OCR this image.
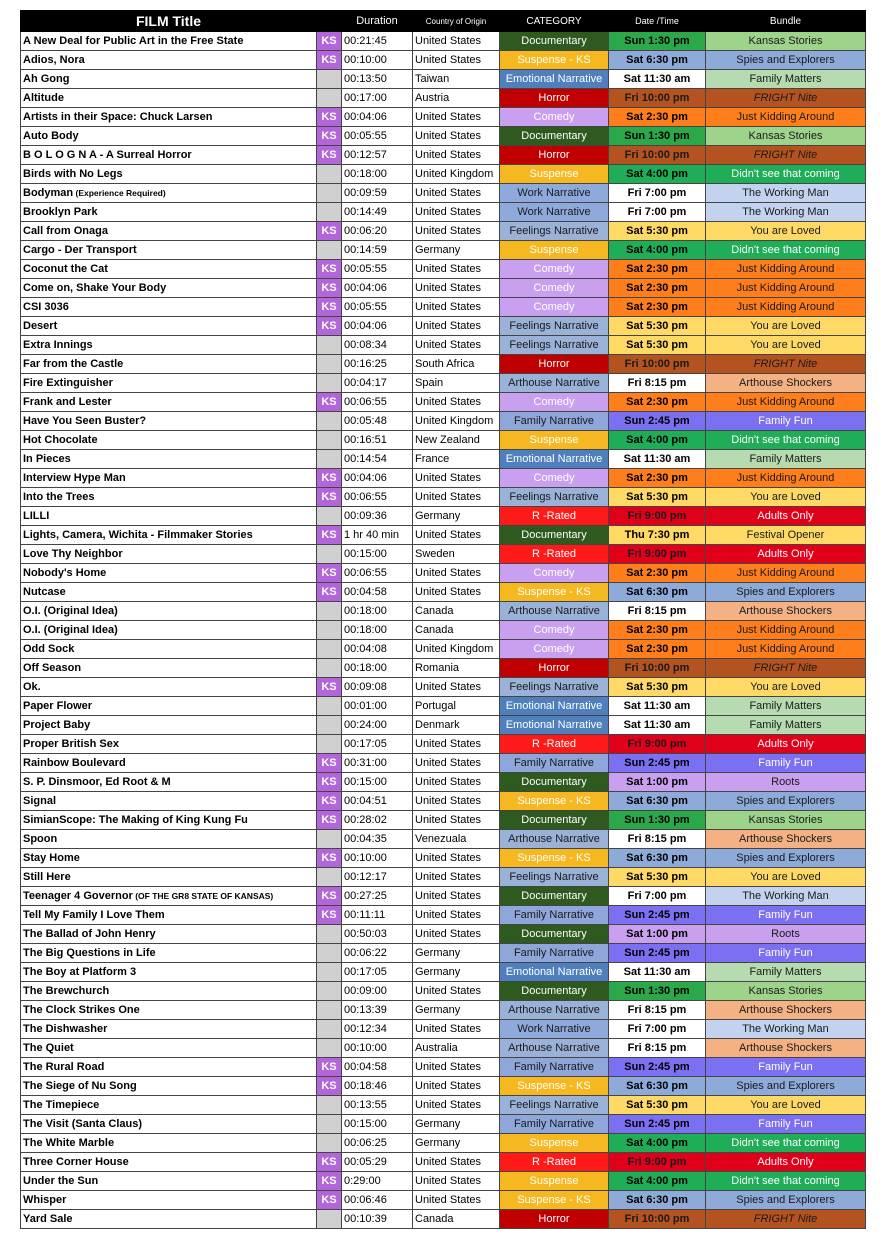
FILM Title		Duration	Country of Origin	CATEGORY	Date /Time	Bundle
A New Deal for Public Art in the Free State	KS	00:21:45	United States	Documentary	Sun 1:30 pm	Kansas Stories
Adios, Nora	KS	00:10:00	United States	Suspense - KS	Sat 6:30 pm	Spies and Explorers
Ah Gong		00:13:50	Taiwan	Emotional Narrative	Sat 11:30 am	Family Matters
Altitude		00:17:00	Austria	Horror	Fri 10:00 pm	FRIGHT Nite
Artists in their Space: Chuck Larsen	KS	00:04:06	United States	Comedy	Sat 2:30 pm	Just Kidding Around
Auto Body	KS	00:05:55	United States	Documentary	Sun 1:30 pm	Kansas Stories
B O L O G N A - A Surreal Horror	KS	00:12:57	United States	Horror	Fri 10:00 pm	FRIGHT Nite
Birds with No Legs		00:18:00	United Kingdom	Suspense	Sat 4:00 pm	Didn't see that coming
Bodyman (Experience Required)		00:09:59	United States	Work Narrative	Fri 7:00 pm	The Working Man
Brooklyn Park		00:14:49	United States	Work Narrative	Fri 7:00 pm	The Working Man
Call from Onaga	KS	00:06:20	United States	Feelings Narrative	Sat 5:30 pm	You are Loved
Cargo - Der Transport		00:14:59	Germany	Suspense	Sat 4:00 pm	Didn't see that coming
Coconut the Cat	KS	00:05:55	United States	Comedy	Sat 2:30 pm	Just Kidding Around
Come on, Shake Your Body	KS	00:04:06	United States	Comedy	Sat 2:30 pm	Just Kidding Around
CSI 3036	KS	00:05:55	United States	Comedy	Sat 2:30 pm	Just Kidding Around
Desert	KS	00:04:06	United States	Feelings Narrative	Sat 5:30 pm	You are Loved
Extra Innings		00:08:34	United States	Feelings Narrative	Sat 5:30 pm	You are Loved
Far from the Castle		00:16:25	South Africa	Horror	Fri 10:00 pm	FRIGHT Nite
Fire Extinguisher		00:04:17	Spain	Arthouse Narrative	Fri 8:15 pm	Arthouse Shockers
Frank and Lester	KS	00:06:55	United States	Comedy	Sat 2:30 pm	Just Kidding Around
Have You Seen Buster?		00:05:48	United Kingdom	Family Narrative	Sun 2:45 pm	Family Fun
Hot Chocolate		00:16:51	New Zealand	Suspense	Sat 4:00 pm	Didn't see that coming
In Pieces		00:14:54	France	Emotional Narrative	Sat 11:30 am	Family Matters
Interview Hype Man	KS	00:04:06	United States	Comedy	Sat 2:30 pm	Just Kidding Around
Into the Trees	KS	00:06:55	United States	Feelings Narrative	Sat 5:30 pm	You are Loved
LILLI		00:09:36	Germany	R -Rated	Fri 9:00 pm	Adults Only
Lights, Camera, Wichita - Filmmaker Stories	KS	1 hr 40 min	United States	Documentary	Thu 7:30 pm	Festival Opener
Love Thy Neighbor		00:15:00	Sweden	R -Rated	Fri 9:00 pm	Adults Only
Nobody's Home	KS	00:06:55	United States	Comedy	Sat 2:30 pm	Just Kidding Around
Nutcase	KS	00:04:58	United States	Suspense - KS	Sat 6:30 pm	Spies and Explorers
O.I. (Original Idea)		00:18:00	Canada	Arthouse Narrative	Fri 8:15 pm	Arthouse Shockers
O.I. (Original Idea)		00:18:00	Canada	Comedy	Sat 2:30 pm	Just Kidding Around
Odd Sock		00:04:08	United Kingdom	Comedy	Sat 2:30 pm	Just Kidding Around
Off Season		00:18:00	Romania	Horror	Fri 10:00 pm	FRIGHT Nite
Ok.	KS	00:09:08	United States	Feelings Narrative	Sat 5:30 pm	You are Loved
Paper Flower		00:01:00	Portugal	Emotional Narrative	Sat 11:30 am	Family Matters
Project Baby		00:24:00	Denmark	Emotional Narrative	Sat 11:30 am	Family Matters
Proper British Sex		00:17:05	United States	R -Rated	Fri 9:00 pm	Adults Only
Rainbow Boulevard	KS	00:31:00	United States	Family Narrative	Sun 2:45 pm	Family Fun
S. P. Dinsmoor, Ed Root & M	KS	00:15:00	United States	Documentary	Sat 1:00 pm	Roots
Signal	KS	00:04:51	United States	Suspense - KS	Sat 6:30 pm	Spies and Explorers
SimianScope: The Making of King Kung Fu	KS	00:28:02	United States	Documentary	Sun 1:30 pm	Kansas Stories
Spoon		00:04:35	Venezuala	Arthouse Narrative	Fri 8:15 pm	Arthouse Shockers
Stay Home	KS	00:10:00	United States	Suspense - KS	Sat 6:30 pm	Spies and Explorers
Still Here		00:12:17	United States	Feelings Narrative	Sat 5:30 pm	You are Loved
Teenager 4 Governor (OF THE GR8 STATE OF KANSAS)	KS	00:27:25	United States	Documentary	Fri 7:00 pm	The Working Man
Tell My Family I Love Them	KS	00:11:11	United States	Family Narrative	Sun 2:45 pm	Family Fun
The Ballad of John Henry		00:50:03	United States	Documentary	Sat 1:00 pm	Roots
The Big Questions in Life		00:06:22	Germany	Family Narrative	Sun 2:45 pm	Family Fun
The Boy at Platform 3		00:17:05	Germany	Emotional Narrative	Sat 11:30 am	Family Matters
The Brewchurch		00:09:00	United States	Documentary	Sun 1:30 pm	Kansas Stories
The Clock Strikes One		00:13:39	Germany	Arthouse Narrative	Fri 8:15 pm	Arthouse Shockers
The Dishwasher		00:12:34	United States	Work Narrative	Fri 7:00 pm	The Working Man
The Quiet		00:10:00	Australia	Arthouse Narrative	Fri 8:15 pm	Arthouse Shockers
The Rural Road	KS	00:04:58	United States	Family Narrative	Sun 2:45 pm	Family Fun
The Siege of Nu Song	KS	00:18:46	United States	Suspense - KS	Sat 6:30 pm	Spies and Explorers
The Timepiece		00:13:55	United States	Feelings Narrative	Sat 5:30 pm	You are Loved
The Visit (Santa Claus)		00:15:00	Germany	Family Narrative	Sun 2:45 pm	Family Fun
The White Marble		00:06:25	Germany	Suspense	Sat 4:00 pm	Didn't see that coming
Three Corner House	KS	00:05:29	United States	R -Rated	Fri 9:00 pm	Adults Only
Under the Sun	KS	0:29:00	United States	Suspense	Sat 4:00 pm	Didn't see that coming
Whisper	KS	00:06:46	United States	Suspense - KS	Sat 6:30 pm	Spies and Explorers
Yard Sale		00:10:39	Canada	Horror	Fri 10:00 pm	FRIGHT Nite
